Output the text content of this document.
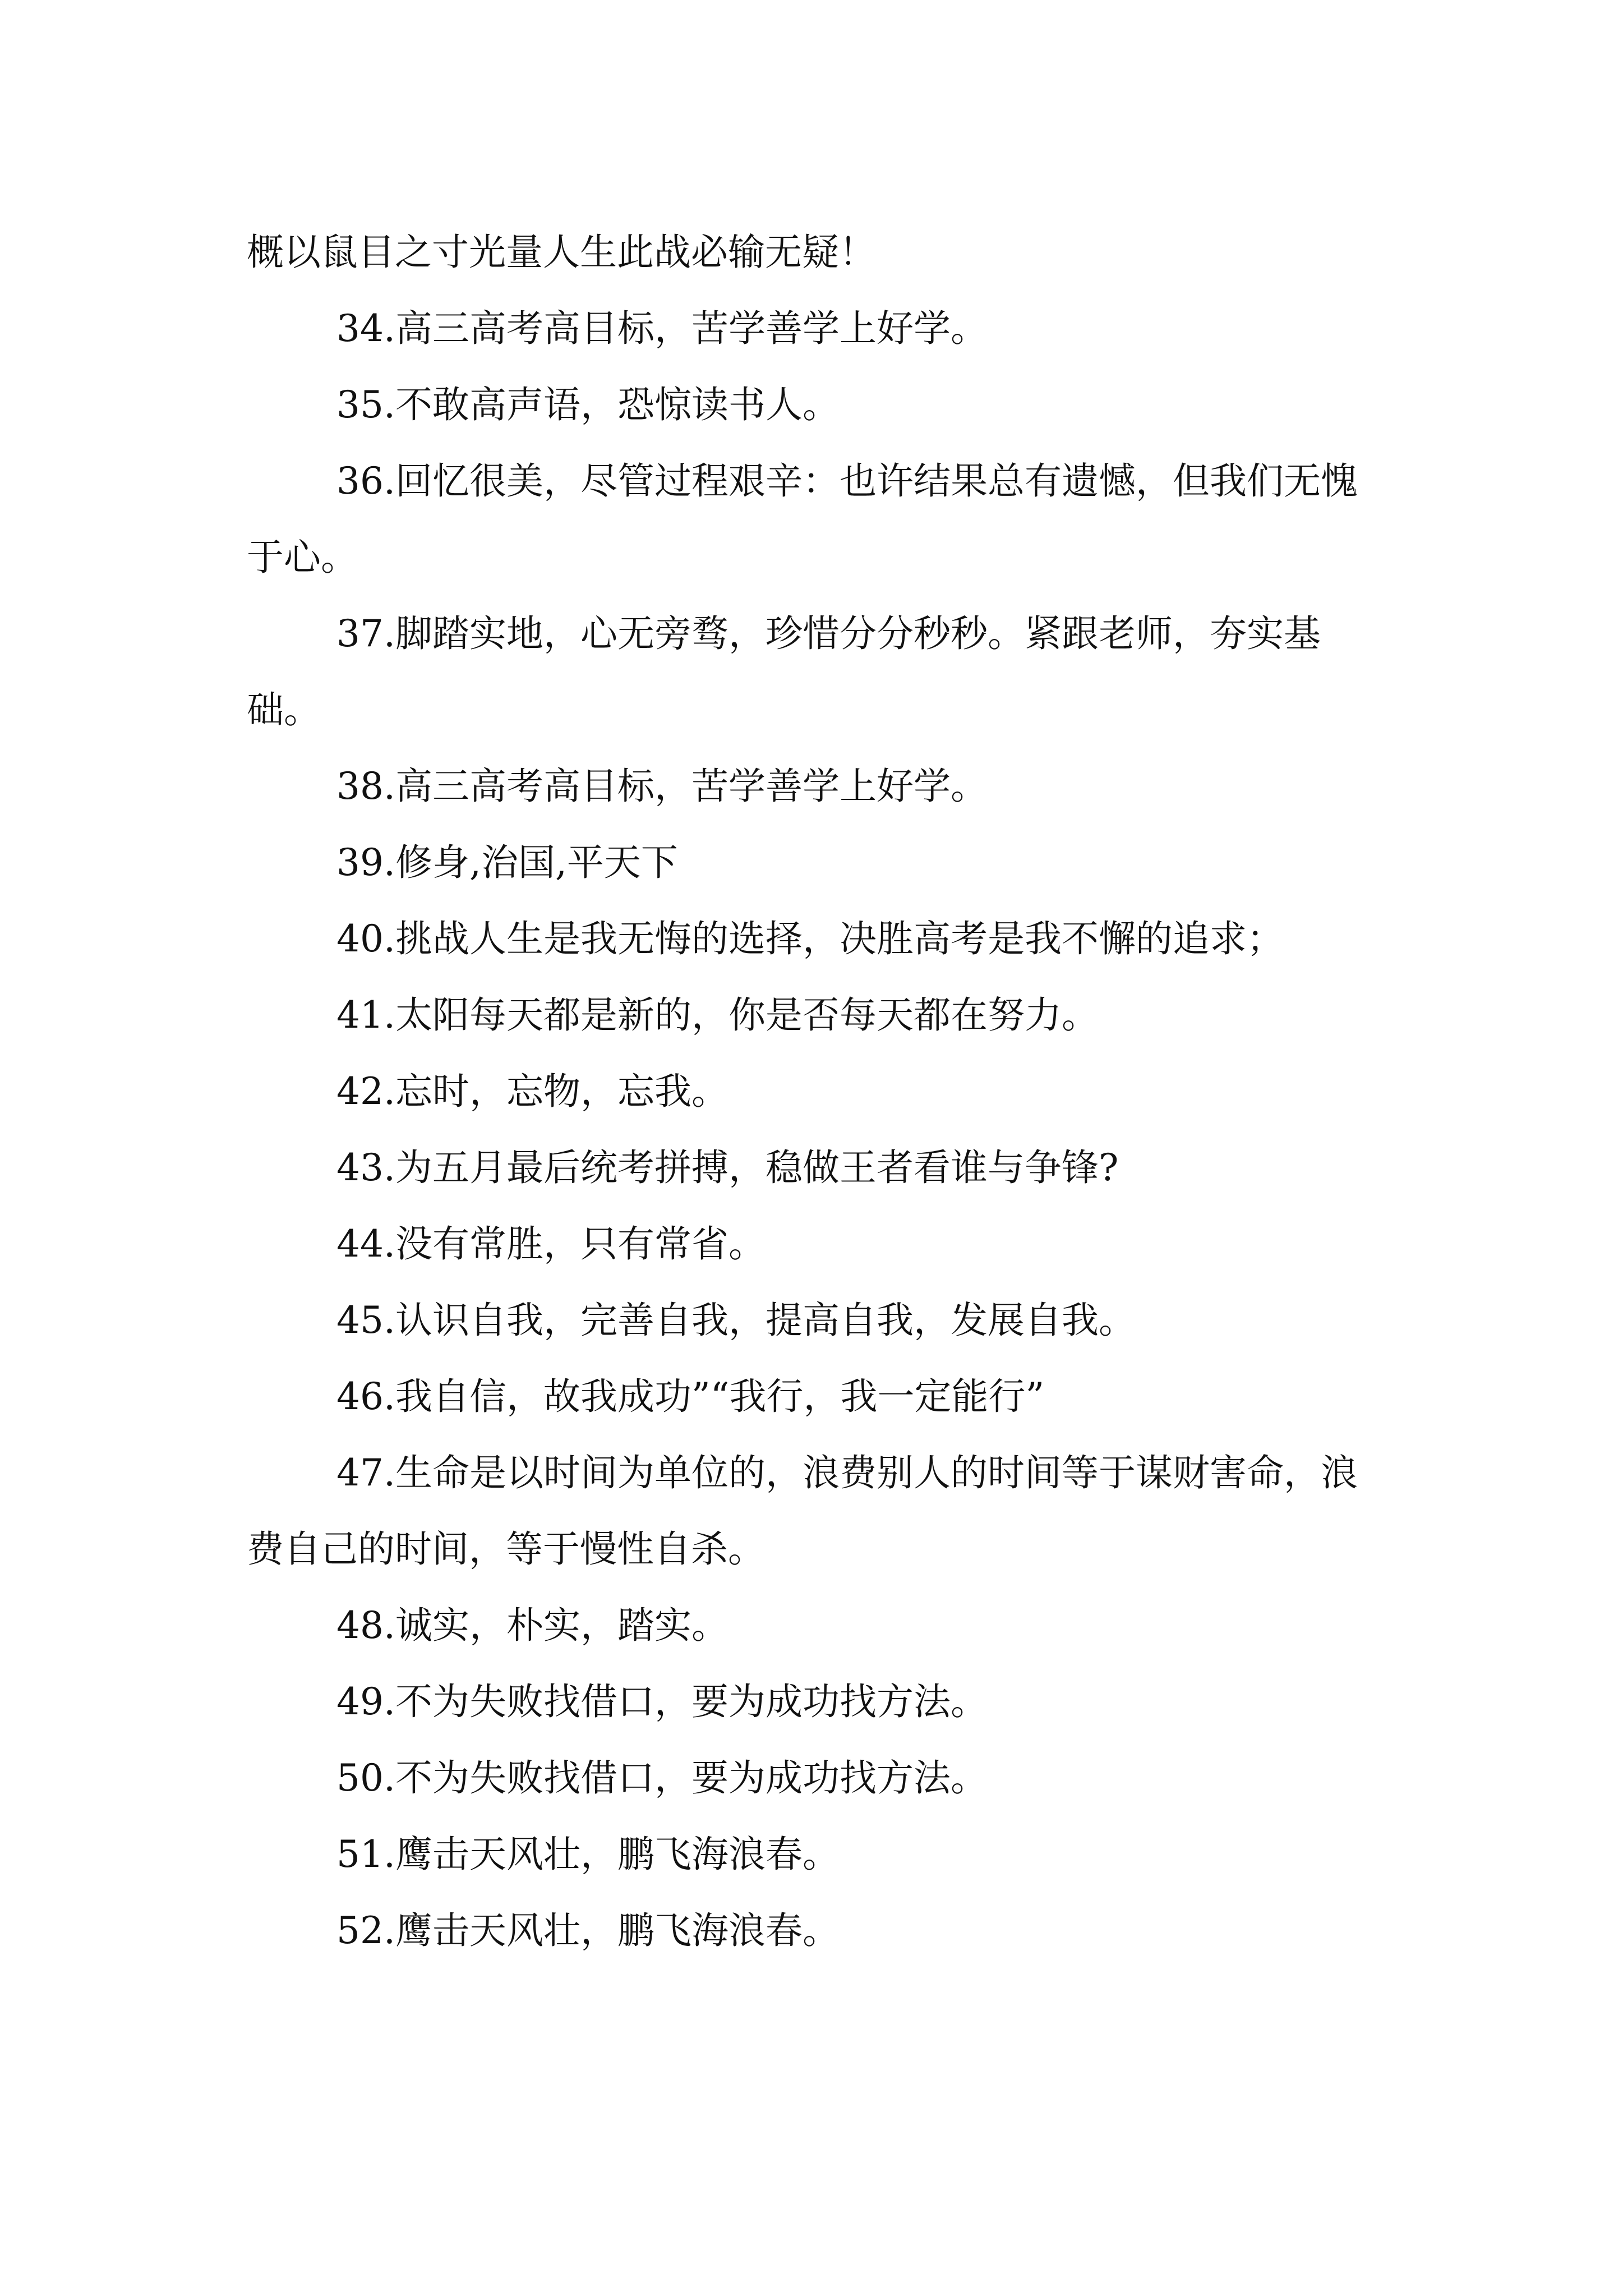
概以鼠目之寸光量人生此战必输无疑！

34.高三高考高目标，苦学善学上好学。

35.不敢高声语，恐惊读书人。

36.回忆很美，尽管过程艰辛：也许结果总有遗憾，但我们无愧于心。

37.脚踏实地，心无旁骛，珍惜分分秒秒。紧跟老师，夯实基础。

38.高三高考高目标，苦学善学上好学。

39.修身,治国,平天下

40.挑战人生是我无悔的选择，决胜高考是我不懈的追求；

41.太阳每天都是新的，你是否每天都在努力。

42.忘时，忘物，忘我。

43.为五月最后统考拼搏，稳做王者看谁与争锋?

44.没有常胜，只有常省。

45.认识自我，完善自我，提高自我，发展自我。

46.我自信，故我成功”“我行，我一定能行”

47.生命是以时间为单位的，浪费别人的时间等于谋财害命，浪费自己的时间，等于慢性自杀。

48.诚实，朴实，踏实。

49.不为失败找借口，要为成功找方法。

50.不为失败找借口，要为成功找方法。

51.鹰击天风壮，鹏飞海浪春。

52.鹰击天风壮，鹏飞海浪春。
